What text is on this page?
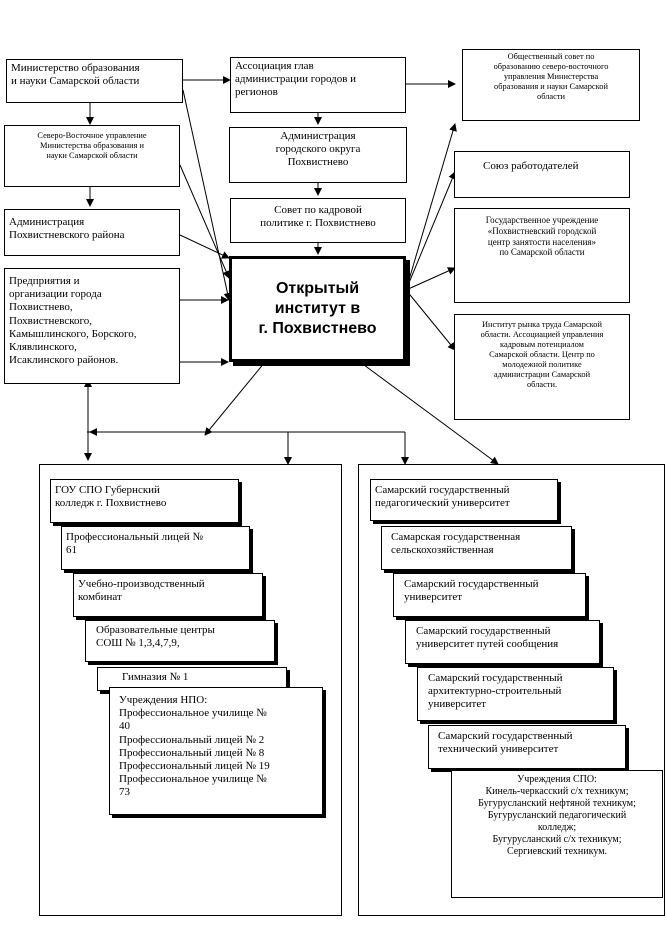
Министерство образования
и науки Самарской области
Ассоциация глав
администрации городов и
регионов
Общественный совет по
образованию северо-восточного
управления Министерства
образования и науки Самарской
области
Северо-Восточное управление
Министерства образования и
науки Самарской области
Администрация
городского округа
Похвистнево	Союз работодателей
Администрация
Похвистневского района
Совет по кадровой
политике г. Похвистнево	Государственное учреждение
«Похвистневский городской
центр занятости населения»
по Самарской области
Предприятия и
организации города
Похвистнево,
Похвистневского,
Камышлинского, Борского,
Клявлинского,
Исаклинского районов.
Открытый
институт в
г. Похвистнево	Институт рынка труда Самарской
области. Ассоциацией управления
кадровым потенциалом
Самарской области. Центр по
молодежной политике
администрации Самарской
области.
ГОУ СПО Губернский
колледж г. Похвистнево
Профессиональный лицей №
61
Учебно-производственный
комбинат
Образовательные центры
СОШ № 1,3,4,7,9,
Гимназия № 1
Учреждения НПО:
Профессиональное училище №
40
Профессиональный лицей № 2
Профессиональный лицей № 8
Профессиональный лицей № 19
Профессиональное училище №
73
Самарский государственный
педагогический университет
Самарская государственная
сельскохозяйственная
Самарский государственный
университет
Самарский государственный
университет путей сообщения
Самарский государственный
архитектурно-строительный
университет
Самарский государственный
технический университет
Учреждения СПО:
Кинель-черкасский с/х техникум;
Бугурусланский нефтяной техникум;
Бугурусланский педагогический
колледж;
Бугурусланский с/х техникум;
Сергиевский техникум.
